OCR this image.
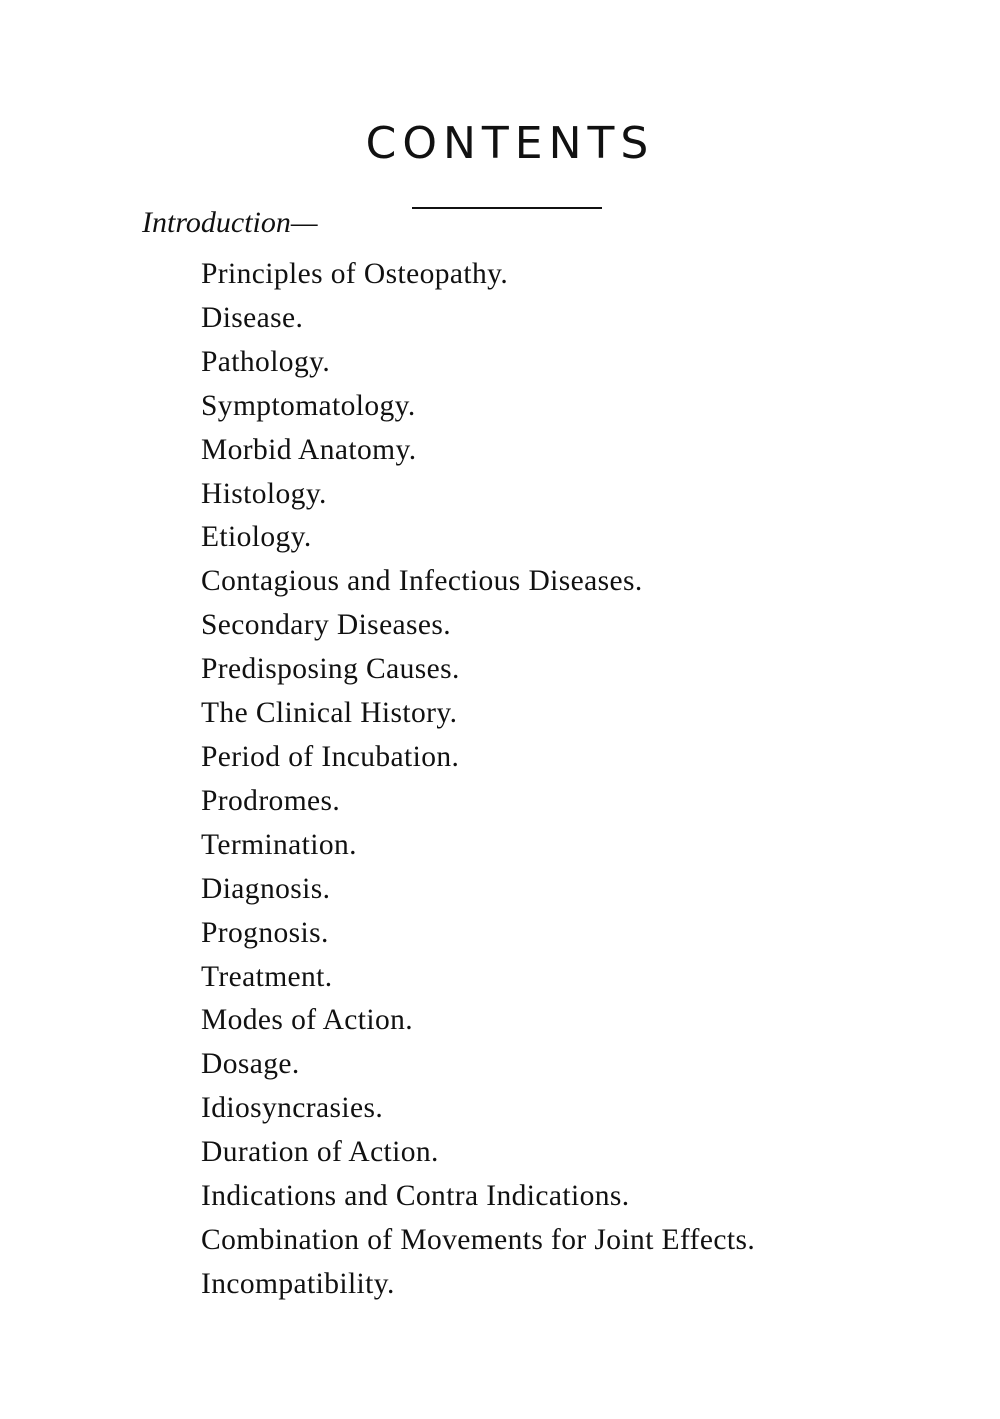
CONTENTS

Introduction—

Principles of Osteopathy.
Disease.
Pathology.
Symptomatology.
Morbid Anatomy.
Histology.
Etiology.
Contagious and Infectious Diseases.
Secondary Diseases.
Predisposing Causes.
The Clinical History.
Period of Incubation.
Prodromes.
Termination.
Diagnosis.
Prognosis.
Treatment.
Modes of Action.
Dosage.
Idiosyncrasies.
Duration of Action.
Indications and Contra Indications.
Combination of Movements for Joint Effects.
Incompatibility.
